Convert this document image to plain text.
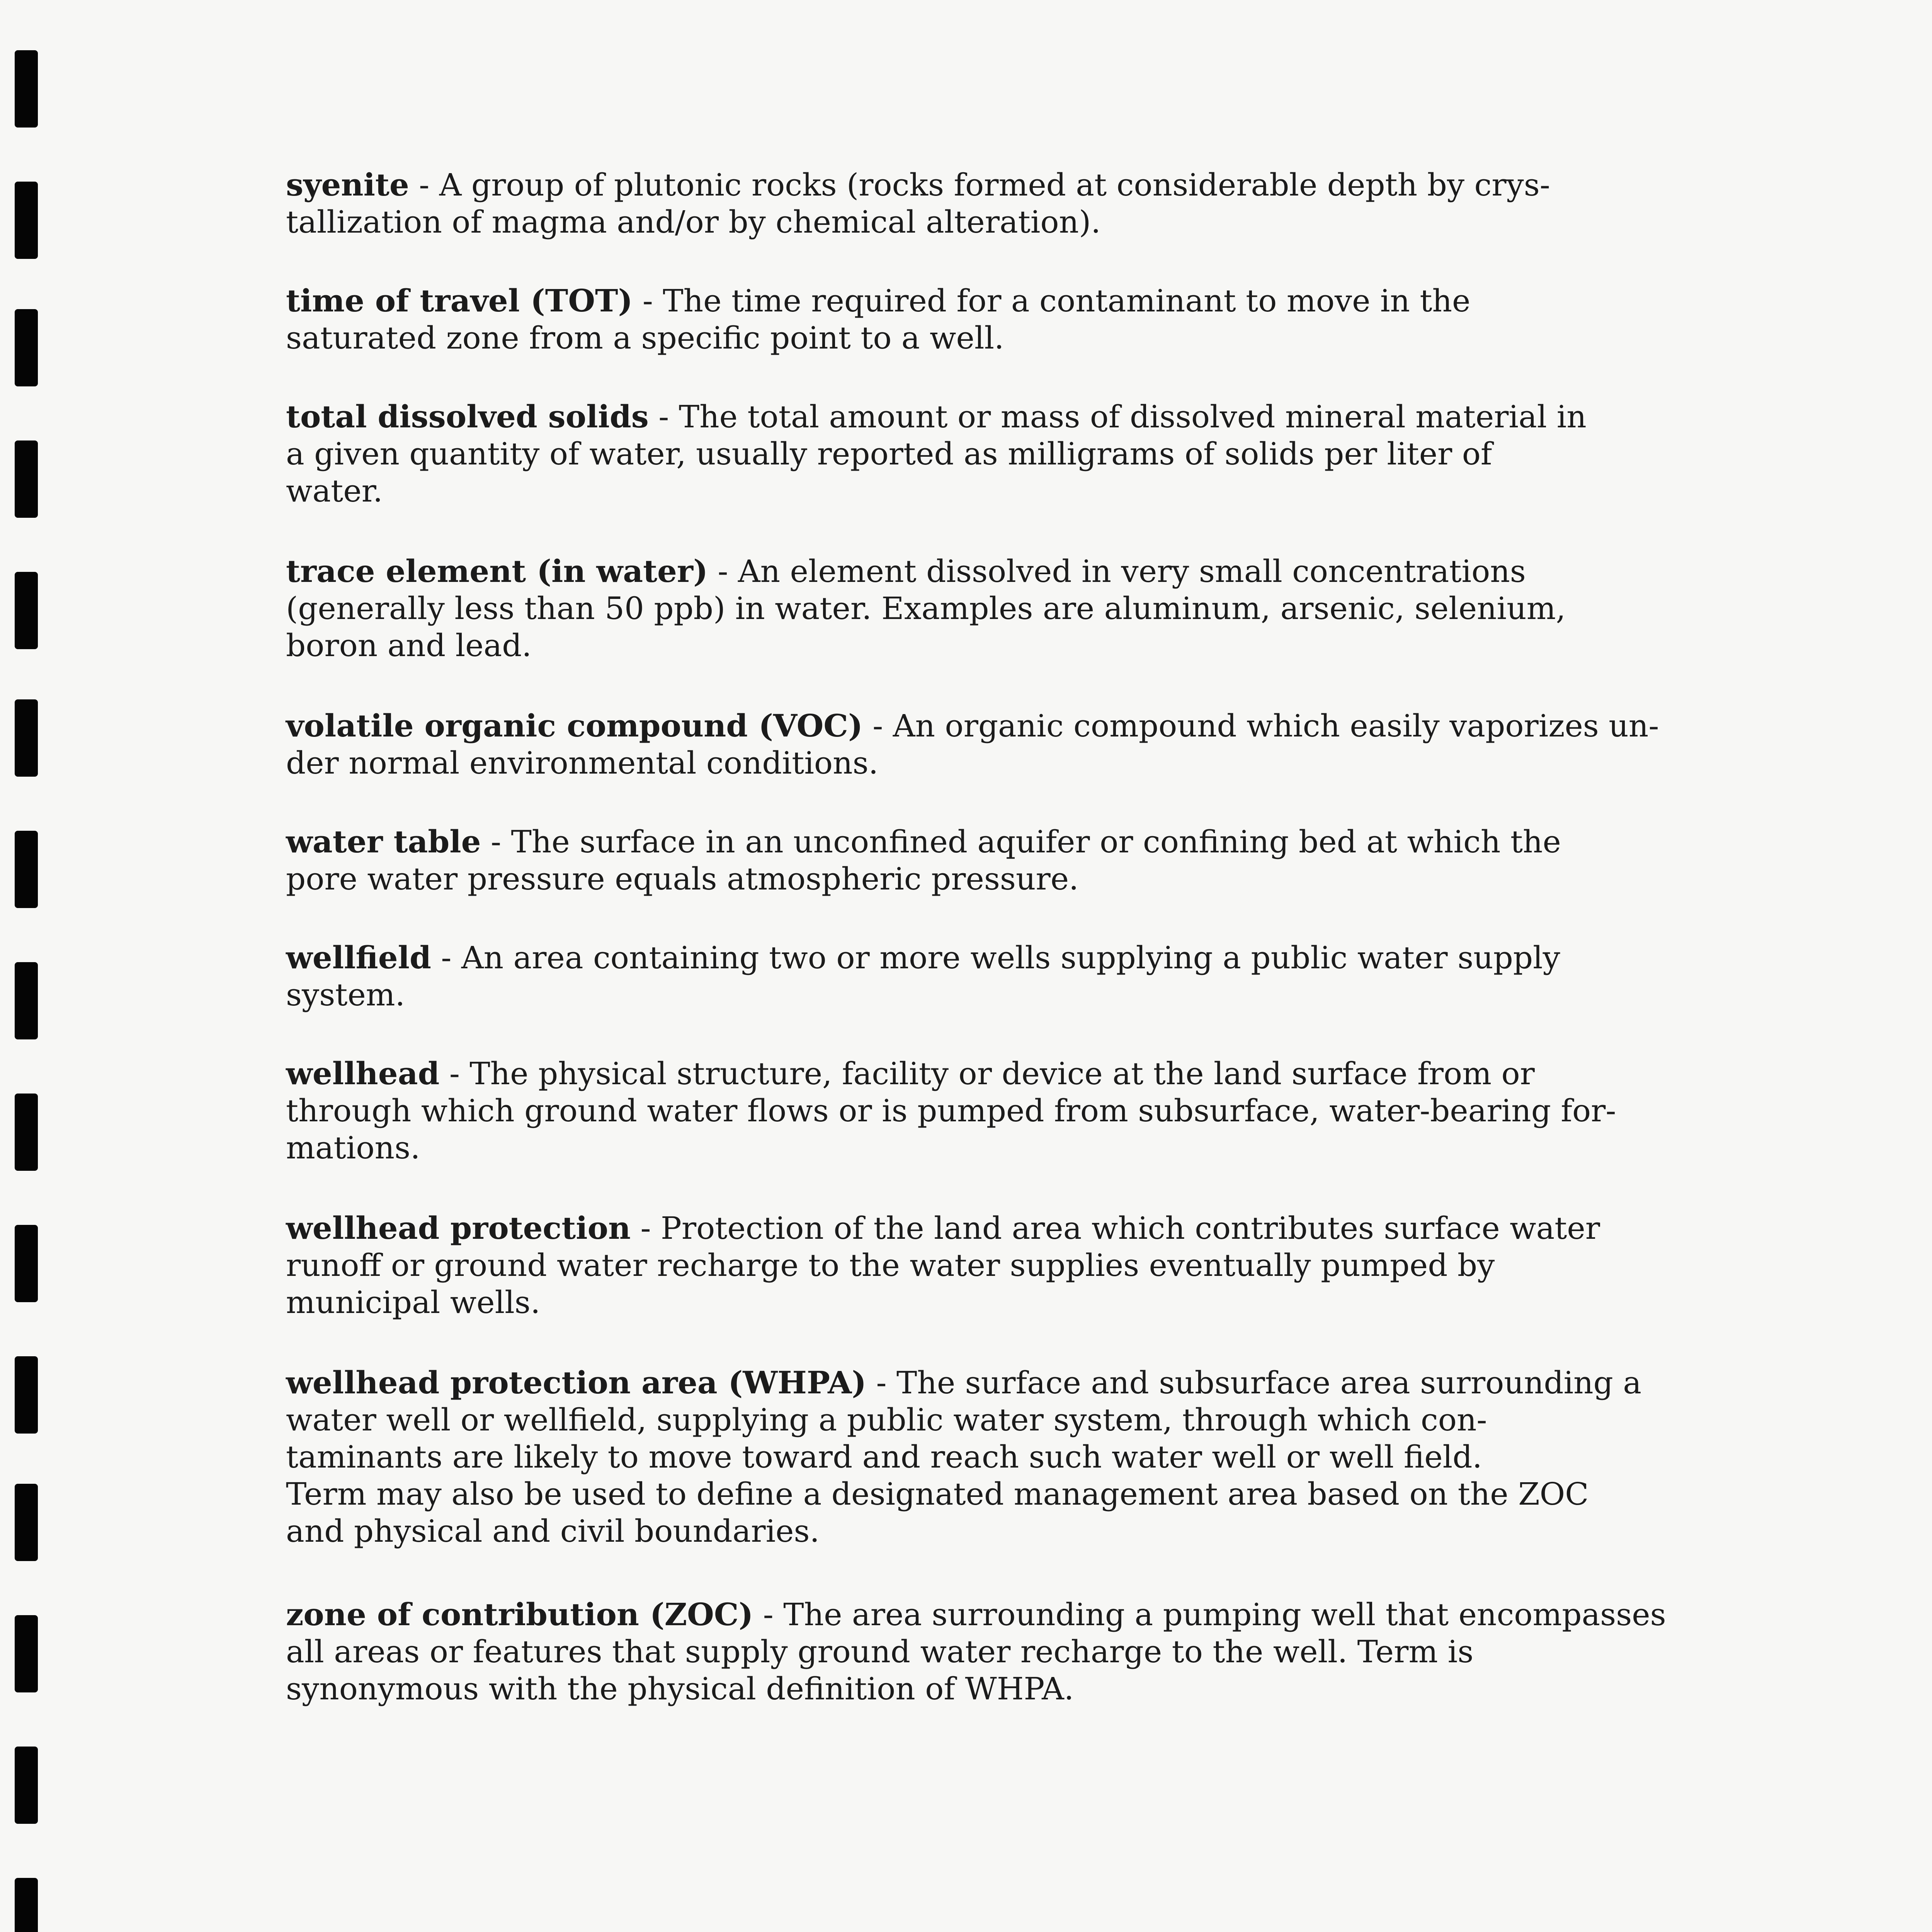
syenite - A group of plutonic rocks (rocks formed at considerable depth by crys-
tallization of magma and/or by chemical alteration).

time of travel (TOT) - The time required for a contaminant to move in the
saturated zone from a specific point to a well.

total dissolved solids - The total amount or mass of dissolved mineral material in
a given quantity of water, usually reported as milligrams of solids per liter of
water.

trace element (in water) - An element dissolved in very small concentrations
(generally less than 50 ppb) in water. Examples are aluminum, arsenic, selenium,
boron and lead.

volatile organic compound (VOC) - An organic compound which easily vaporizes un-
der normal environmental conditions.

water table - The surface in an unconfined aquifer or confining bed at which the
pore water pressure equals atmospheric pressure.

wellfield - An area containing two or more wells supplying a public water supply
system.

wellhead - The physical structure, facility or device at the land surface from or
through which ground water flows or is pumped from subsurface, water-bearing for-
mations.

wellhead protection - Protection of the land area which contributes surface water
runoff or ground water recharge to the water supplies eventually pumped by
municipal wells.

wellhead protection area (WHPA) - The surface and subsurface area surrounding a
water well or wellfield, supplying a public water system, through which con-
taminants are likely to move toward and reach such water well or well field.
Term may also be used to define a designated management area based on the ZOC
and physical and civil boundaries.

zone of contribution (ZOC) - The area surrounding a pumping well that encompasses
all areas or features that supply ground water recharge to the well. Term is
synonymous with the physical definition of WHPA.
